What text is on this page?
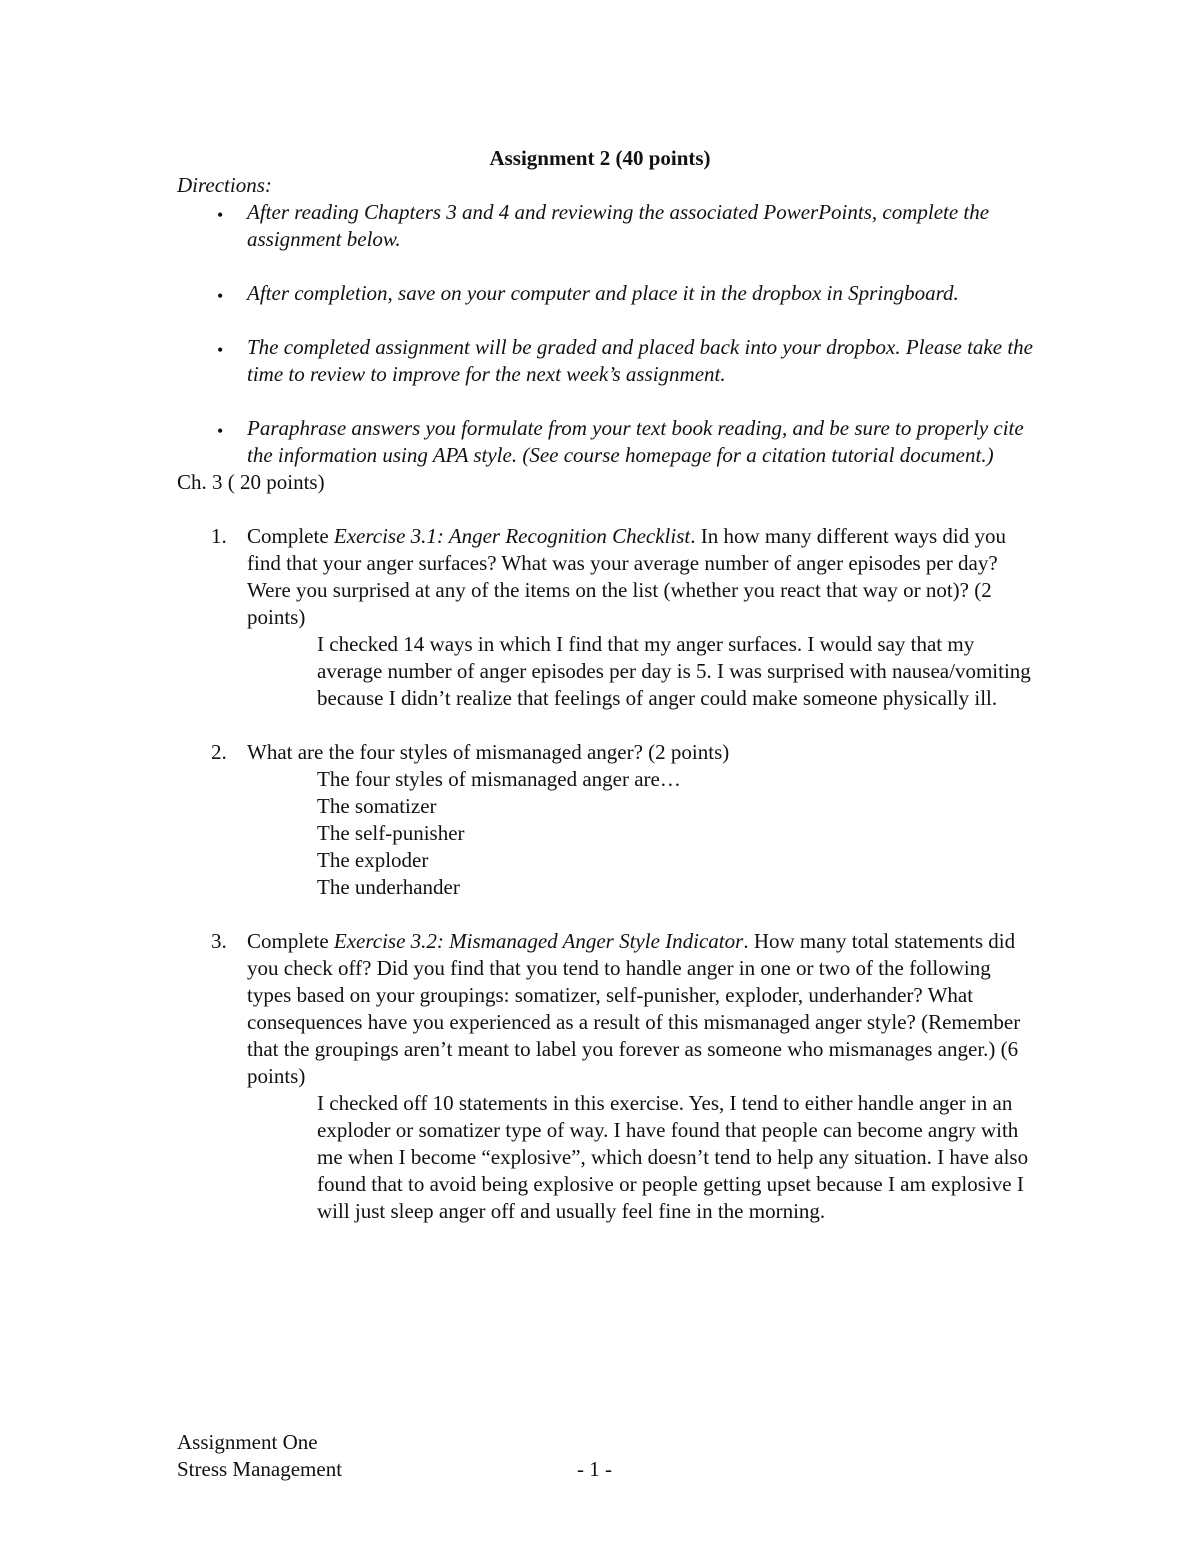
Assignment 2 (40 points)
Directions:
•	After reading Chapters 3 and 4 and reviewing the associated PowerPoints, complete the assignment below.
•	After completion, save on your computer and place it in the dropbox in Springboard.
•	The completed assignment will be graded and placed back into your dropbox. Please take the time to review to improve for the next week’s assignment.
•	Paraphrase answers you formulate from your text book reading, and be sure to properly cite the information using APA style. (See course homepage for a citation tutorial document.)
Ch. 3 ( 20 points)
1. Complete Exercise 3.1: Anger Recognition Checklist. In how many different ways did you find that your anger surfaces? What was your average number of anger episodes per day? Were you surprised at any of the items on the list (whether you react that way or not)? (2 points)
I checked 14 ways in which I find that my anger surfaces. I would say that my average number of anger episodes per day is 5. I was surprised with nausea/vomiting because I didn’t realize that feelings of anger could make someone physically ill.
2. What are the four styles of mismanaged anger? (2 points)
The four styles of mismanaged anger are…
The somatizer
The self-punisher
The exploder
The underhander
3. Complete Exercise 3.2: Mismanaged Anger Style Indicator. How many total statements did you check off? Did you find that you tend to handle anger in one or two of the following types based on your groupings: somatizer, self-punisher, exploder, underhander? What consequences have you experienced as a result of this mismanaged anger style? (Remember that the groupings aren’t meant to label you forever as someone who mismanages anger.) (6 points)
I checked off 10 statements in this exercise. Yes, I tend to either handle anger in an exploder or somatizer type of way. I have found that people can become angry with me when I become “explosive”, which doesn’t tend to help any situation. I have also found that to avoid being explosive or people getting upset because I am explosive I will just sleep anger off and usually feel fine in the morning.
Assignment One
Stress Management	- 1 -
